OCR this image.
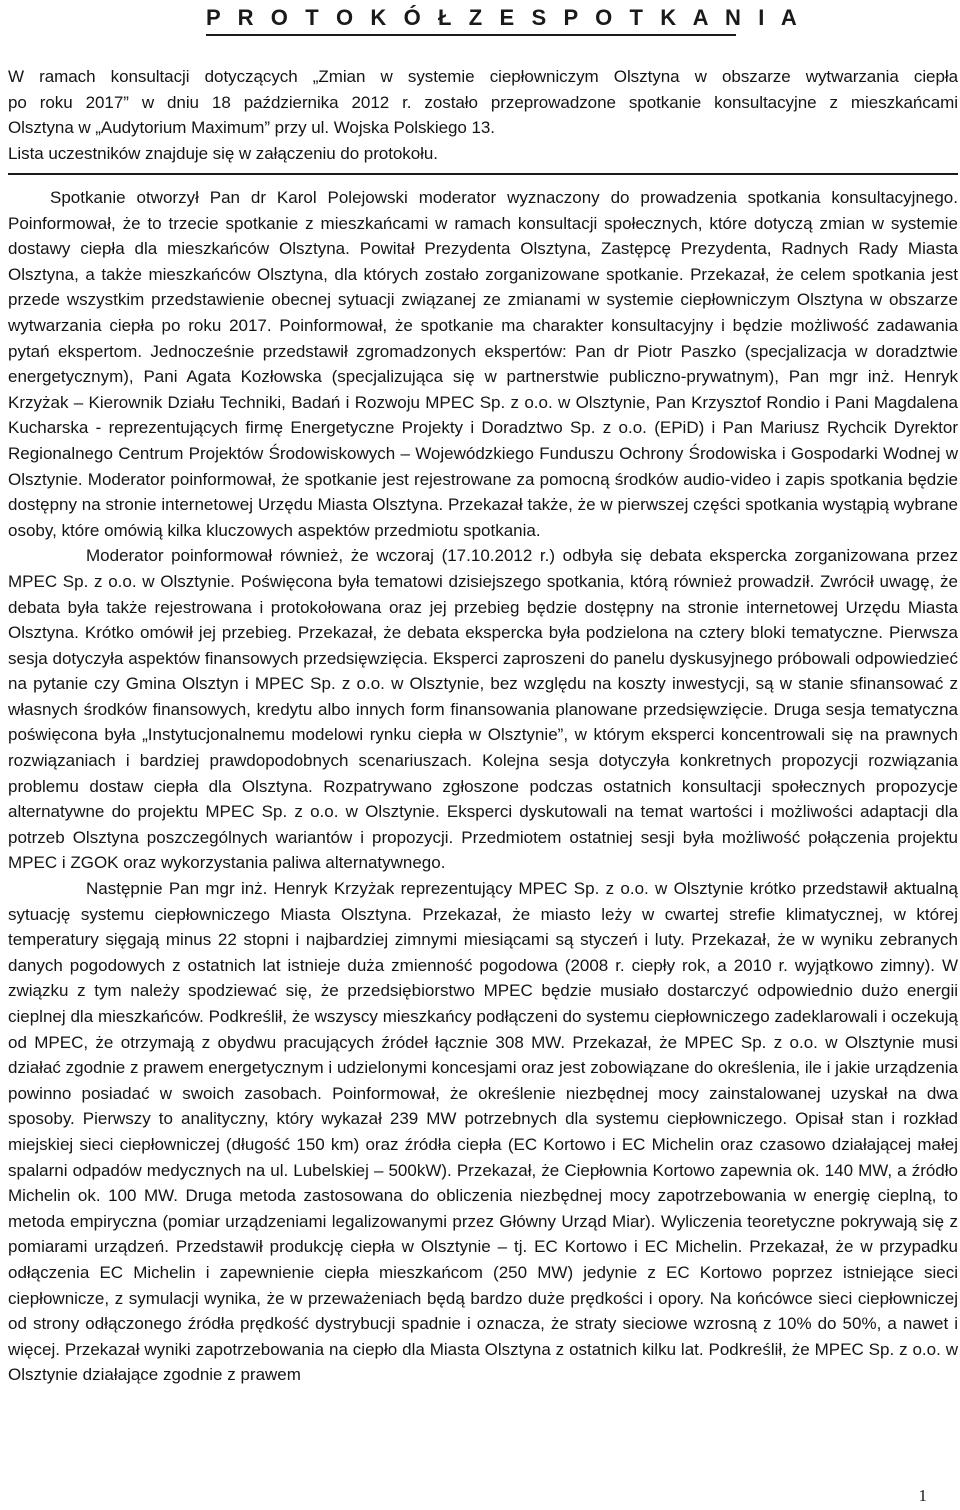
P R O T O K Ó Ł Z E S P O T K A N I A
W ramach konsultacji dotyczących „Zmian w systemie ciepłowniczym Olsztyna w obszarze wytwarzania ciepła
po roku 2017” w dniu 18 października 2012 r. zostało przeprowadzone spotkanie konsultacyjne z mieszkańcami
Olsztyna w „Audytorium Maximum” przy ul. Wojska Polskiego 13.
Lista uczestników znajduje się w załączeniu do protokołu.

Spotkanie otworzył Pan dr Karol Polejowski moderator wyznaczony do prowadzenia spotkania konsultacyjnego. Poinformował, że to trzecie spotkanie z mieszkańcami w ramach konsultacji społecznych, które dotyczą zmian w systemie dostawy ciepła dla mieszkańców Olsztyna. Powitał Prezydenta Olsztyna, Zastępcę Prezydenta, Radnych Rady Miasta Olsztyna, a także mieszkańców Olsztyna, dla których zostało zorganizowane spotkanie. Przekazał, że celem spotkania jest przede wszystkim przedstawienie obecnej sytuacji związanej ze zmianami w systemie ciepłowniczym Olsztyna w obszarze wytwarzania ciepła po roku 2017. Poinformował, że spotkanie ma charakter konsultacyjny i będzie możliwość zadawania pytań ekspertom. Jednocześnie przedstawił zgromadzonych ekspertów: Pan dr Piotr Paszko (specjalizacja w doradztwie energetycznym), Pani Agata Kozłowska (specjalizująca się w partnerstwie publiczno-prywatnym), Pan mgr inż. Henryk Krzyżak – Kierownik Działu Techniki, Badań i Rozwoju MPEC Sp. z o.o. w Olsztynie, Pan Krzysztof Rondio i Pani Magdalena Kucharska - reprezentujących firmę Energetyczne Projekty i Doradztwo Sp. z o.o. (EPiD) i Pan Mariusz Rychcik Dyrektor Regionalnego Centrum Projektów Środowiskowych – Wojewódzkiego Funduszu Ochrony Środowiska i Gospodarki Wodnej w Olsztynie. Moderator poinformował, że spotkanie jest rejestrowane za pomocną środków audio-video i zapis spotkania będzie dostępny na stronie internetowej Urzędu Miasta Olsztyna. Przekazał także, że w pierwszej części spotkania wystąpią wybrane osoby, które omówią kilka kluczowych aspektów przedmiotu spotkania.

Moderator poinformował również, że wczoraj (17.10.2012 r.) odbyła się debata ekspercka zorganizowana przez MPEC Sp. z o.o. w Olsztynie. Poświęcona była tematowi dzisiejszego spotkania, którą również prowadził. Zwrócił uwagę, że debata była także rejestrowana i protokołowana oraz jej przebieg będzie dostępny na stronie internetowej Urzędu Miasta Olsztyna. Krótko omówił jej przebieg. Przekazał, że debata ekspercka była podzielona na cztery bloki tematyczne. Pierwsza sesja dotyczyła aspektów finansowych przedsięwzięcia. Eksperci zaproszeni do panelu dyskusyjnego próbowali odpowiedzieć na pytanie czy Gmina Olsztyn i MPEC Sp. z o.o. w Olsztynie, bez względu na koszty inwestycji, są w stanie sfinansować z własnych środków finansowych, kredytu albo innych form finansowania planowane przedsięwzięcie. Druga sesja tematyczna poświęcona była „Instytucjonalnemu modelowi rynku ciepła w Olsztynie”, w którym eksperci koncentrowali się na prawnych rozwiązaniach i bardziej prawdopodobnych scenariuszach. Kolejna sesja dotyczyła konkretnych propozycji rozwiązania problemu dostaw ciepła dla Olsztyna. Rozpatrywano zgłoszone podczas ostatnich konsultacji społecznych propozycje alternatywne do projektu MPEC Sp. z o.o. w Olsztynie. Eksperci dyskutowali na temat wartości i możliwości adaptacji dla potrzeb Olsztyna poszczególnych wariantów i propozycji. Przedmiotem ostatniej sesji była możliwość połączenia projektu MPEC i ZGOK oraz wykorzystania paliwa alternatywnego.

Następnie Pan mgr inż. Henryk Krzyżak reprezentujący MPEC Sp. z o.o. w Olsztynie krótko przedstawił aktualną sytuację systemu ciepłowniczego Miasta Olsztyna. Przekazał, że miasto leży w cwartej strefie klimatycznej, w której temperatury sięgają minus 22 stopni i najbardziej zimnymi miesiącami są styczeń i luty. Przekazał, że w wyniku zebranych danych pogodowych z ostatnich lat istnieje duża zmienność pogodowa (2008 r. ciepły rok, a 2010 r. wyjątkowo zimny). W związku z tym należy spodziewać się, że przedsiębiorstwo MPEC będzie musiało dostarczyć odpowiednio dużo energii cieplnej dla mieszkańców. Podkreślił, że wszyscy mieszkańcy podłączeni do systemu ciepłowniczego zadeklarowali i oczekują od MPEC, że otrzymają z obydwu pracujących źródeł łącznie 308 MW. Przekazał, że MPEC Sp. z o.o. w Olsztynie musi działać zgodnie z prawem energetycznym i udzielonymi koncesjami oraz jest zobowiązane do określenia, ile i jakie urządzenia powinno posiadać w swoich zasobach. Poinformował, że określenie niezbędnej mocy zainstalowanej uzyskał na dwa sposoby. Pierwszy to analityczny, który wykazał 239 MW potrzebnych dla systemu ciepłowniczego. Opisał stan i rozkład miejskiej sieci ciepłowniczej (długość 150 km) oraz źródła ciepła (EC Kortowo i EC Michelin oraz czasowo działającej małej spalarni odpadów medycznych na ul. Lubelskiej – 500kW). Przekazał, że Ciepłownia Kortowo zapewnia ok. 140 MW, a źródło Michelin ok. 100 MW. Druga metoda zastosowana do obliczenia niezbędnej mocy zapotrzebowania w energię cieplną, to metoda empiryczna (pomiar urządzeniami legalizowanymi przez Główny Urząd Miar). Wyliczenia teoretyczne pokrywają się z pomiarami urządzeń. Przedstawił produkcję ciepła w Olsztynie – tj. EC Kortowo i EC Michelin. Przekazał, że w przypadku odłączenia EC Michelin i zapewnienie ciepła mieszkańcom (250 MW) jedynie z EC Kortowo poprzez istniejące sieci ciepłownicze, z symulacji wynika, że w przeważeniach będą bardzo duże prędkości i opory. Na końcówce sieci ciepłowniczej od strony odłączonego źródła prędkość dystrybucji spadnie i oznacza, że straty sieciowe wzrosną z 10% do 50%, a nawet i więcej. Przekazał wyniki zapotrzebowania na ciepło dla Miasta Olsztyna z ostatnich kilku lat. Podkreślił, że MPEC Sp. z o.o. w Olsztynie działające zgodnie z prawem

1
